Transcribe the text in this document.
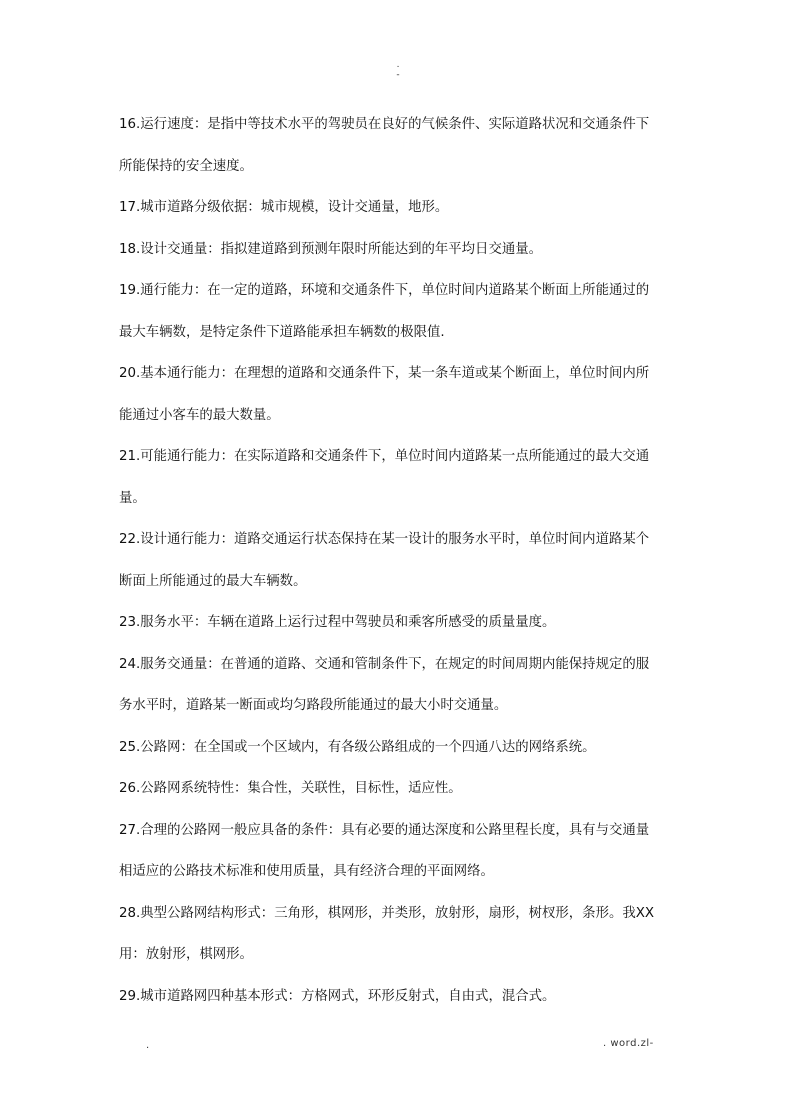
.
-

16.运行速度：是指中等技术水平的驾驶员在良好的气候条件、实际道路状况和交通条件下
所能保持的安全速度。

17.城市道路分级依据：城市规模，设计交通量，地形。

18.设计交通量：指拟建道路到预测年限时所能达到的年平均日交通量。

19.通行能力：在一定的道路，环境和交通条件下，单位时间内道路某个断面上所能通过的
最大车辆数，是特定条件下道路能承担车辆数的极限值.

20.基本通行能力：在理想的道路和交通条件下，某一条车道或某个断面上，单位时间内所
能通过小客车的最大数量。

21.可能通行能力：在实际道路和交通条件下，单位时间内道路某一点所能通过的最大交通
量。

22.设计通行能力：道路交通运行状态保持在某一设计的服务水平时，单位时间内道路某个
断面上所能通过的最大车辆数。

23.服务水平：车辆在道路上运行过程中驾驶员和乘客所感受的质量量度。

24.服务交通量：在普通的道路、交通和管制条件下，在规定的时间周期内能保持规定的服
务水平时，道路某一断面或均匀路段所能通过的最大小时交通量。

25.公路网：在全国或一个区域内，有各级公路组成的一个四通八达的网络系统。

26.公路网系统特性：集合性，关联性，目标性，适应性。

27.合理的公路网一般应具备的条件：具有必要的通达深度和公路里程长度，具有与交通量
相适应的公路技术标准和使用质量，具有经济合理的平面网络。

28.典型公路网结构形式：三角形，棋网形，并类形，放射形，扇形，树杈形，条形。我XX
用：放射形，棋网形。

29.城市道路网四种基本形式：方格网式，环形反射式，自由式，混合式。

.	. word.zl-
